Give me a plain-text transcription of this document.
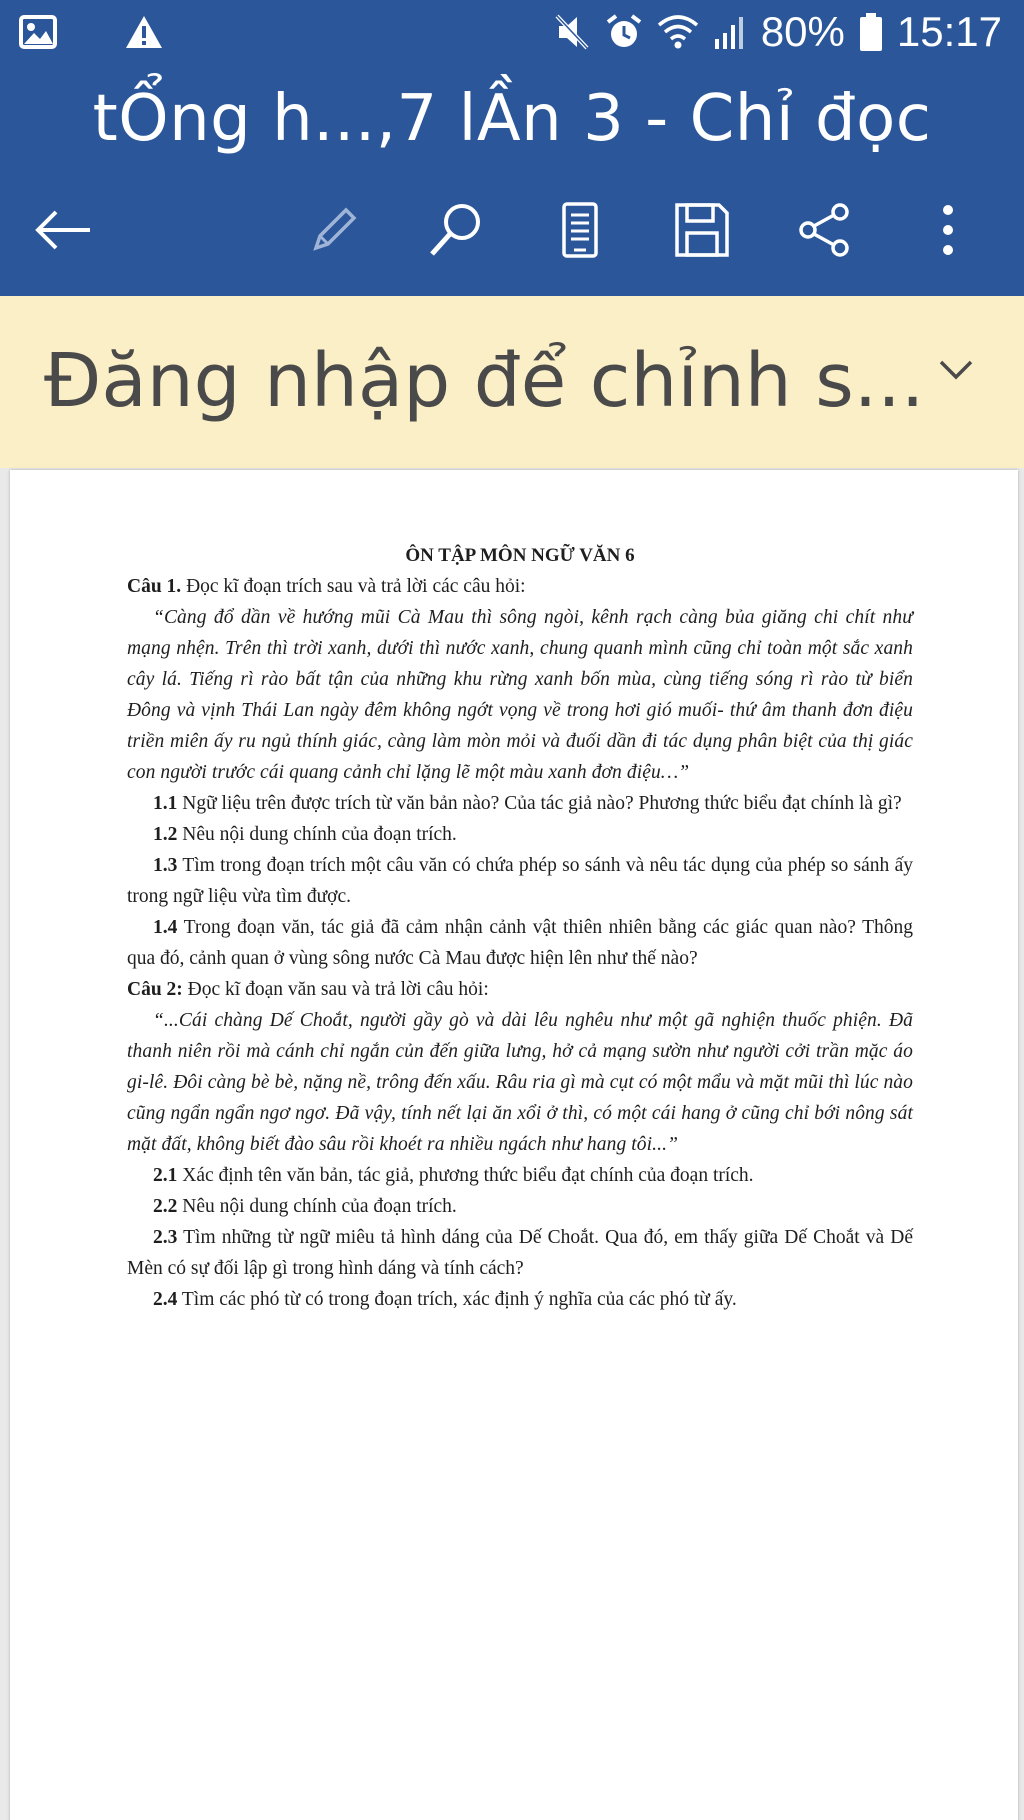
80% 15:17
tỔng h...,7 lẦn 3 - Chỉ đọc
Đăng nhập để chỉnh s...

ÔN TẬP MÔN NGỮ VĂN 6

Câu 1. Đọc kĩ đoạn trích sau và trả lời các câu hỏi:

“Càng đổ dần về hướng mũi Cà Mau thì sông ngòi, kênh rạch càng bủa giăng chi chít như mạng nhện. Trên thì trời xanh, dưới thì nước xanh, chung quanh mình cũng chỉ toàn một sắc xanh cây lá. Tiếng rì rào bất tận của những khu rừng xanh bốn mùa, cùng tiếng sóng rì rào từ biển Đông và vịnh Thái Lan ngày đêm không ngớt vọng về trong hơi gió muối- thứ âm thanh đơn điệu triền miên ấy ru ngủ thính giác, càng làm mòn mỏi và đuối dần đi tác dụng phân biệt của thị giác con người trước cái quang cảnh chỉ lặng lẽ một màu xanh đơn điệu…”

1.1 Ngữ liệu trên được trích từ văn bản nào? Của tác giả nào? Phương thức biểu đạt chính là gì?

1.2 Nêu nội dung chính của đoạn trích.

1.3 Tìm trong đoạn trích một câu văn có chứa phép so sánh và nêu tác dụng của phép so sánh ấy trong ngữ liệu vừa tìm được.

1.4 Trong đoạn văn, tác giả đã cảm nhận cảnh vật thiên nhiên bằng các giác quan nào? Thông qua đó, cảnh quan ở vùng sông nước Cà Mau được hiện lên như thế nào?

Câu 2: Đọc kĩ đoạn văn sau và trả lời câu hỏi:

“...Cái chàng Dế Choắt, người gầy gò và dài lêu nghêu như một gã nghiện thuốc phiện. Đã thanh niên rồi mà cánh chỉ ngắn củn đến giữa lưng, hở cả mạng sườn như người cởi trần mặc áo gi-lê. Đôi càng bè bè, nặng nề, trông đến xấu. Râu ria gì mà cụt có một mẩu và mặt mũi thì lúc nào cũng ngẩn ngẩn ngơ ngơ. Đã vậy, tính nết lại ăn xổi ở thì, có một cái hang ở cũng chỉ bới nông sát mặt đất, không biết đào sâu rồi khoét ra nhiều ngách như hang tôi...”

2.1 Xác định tên văn bản, tác giả, phương thức biểu đạt chính của đoạn trích.

2.2 Nêu nội dung chính của đoạn trích.

2.3 Tìm những từ ngữ miêu tả hình dáng của Dế Choắt. Qua đó, em thấy giữa Dế Choắt và Dế Mèn có sự đối lập gì trong hình dáng và tính cách?

2.4 Tìm các phó từ có trong đoạn trích, xác định ý nghĩa của các phó từ ấy.
